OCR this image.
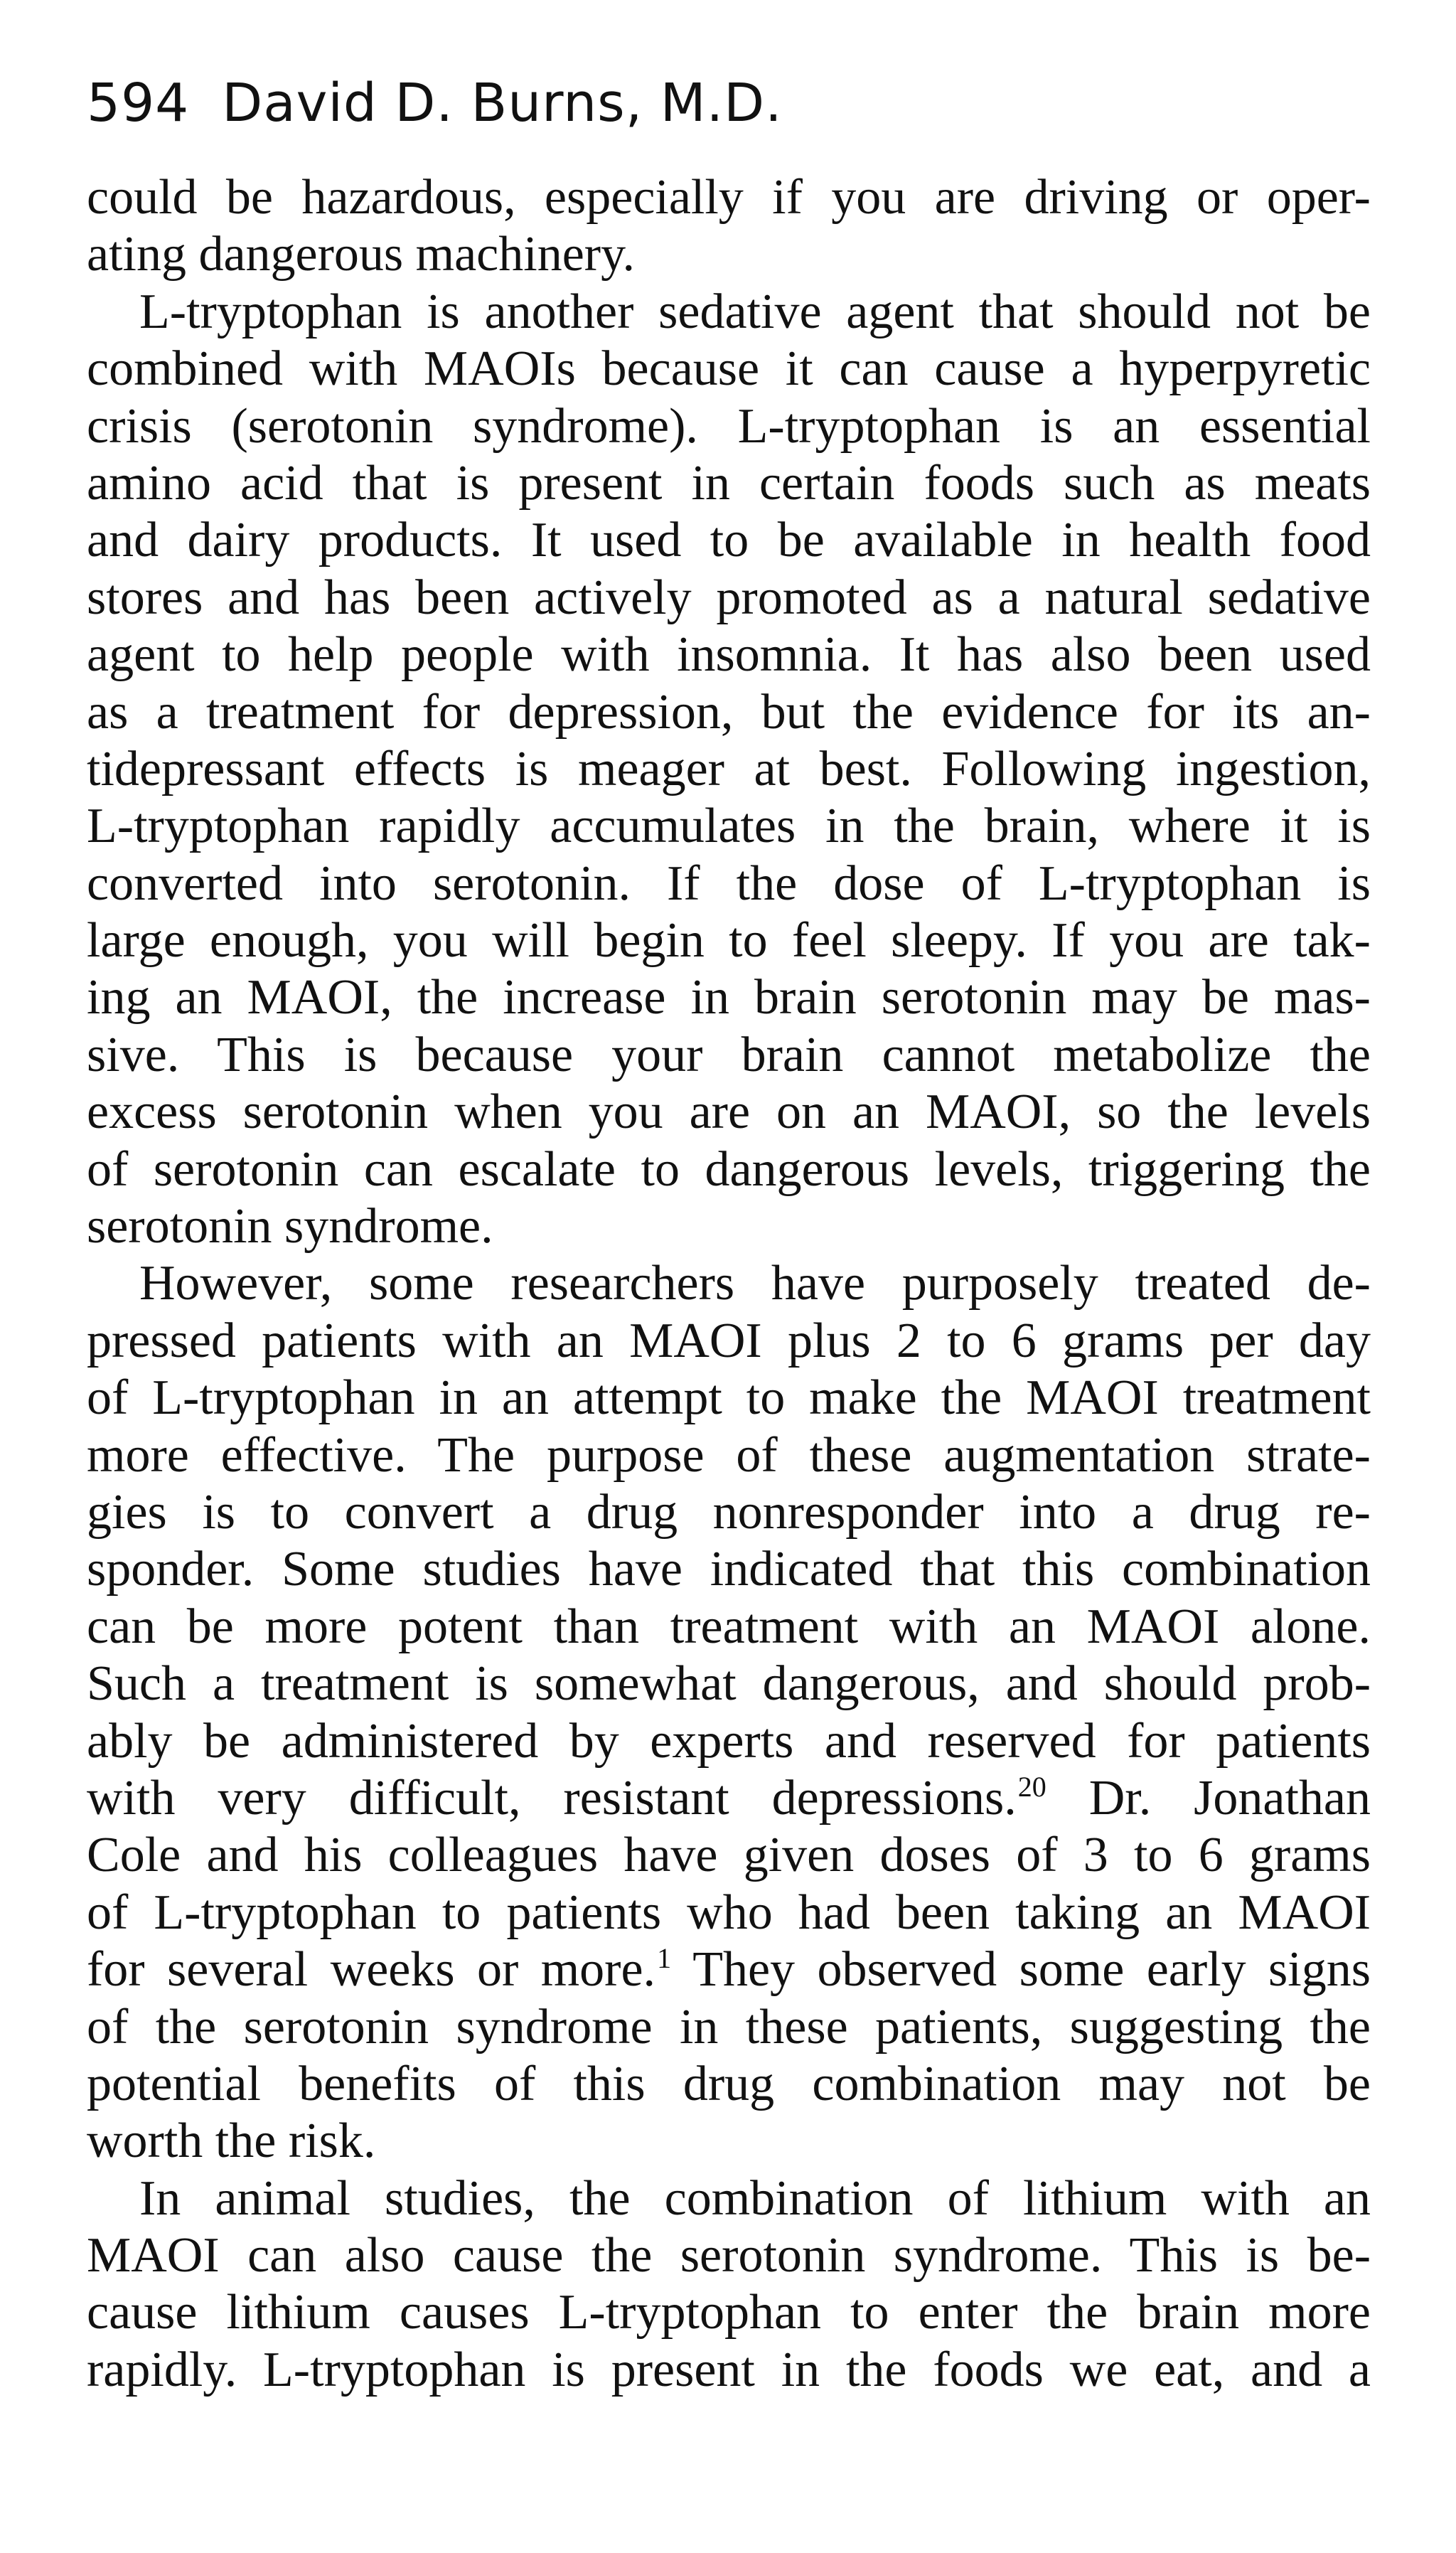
594 David D. Burns, M.D.
could be hazardous, especially if you are driving or oper-
ating dangerous machinery.
L-tryptophan is another sedative agent that should not be
combined with MAOIs because it can cause a hyperpyretic
crisis (serotonin syndrome). L-tryptophan is an essential
amino acid that is present in certain foods such as meats
and dairy products. It used to be available in health food
stores and has been actively promoted as a natural sedative
agent to help people with insomnia. It has also been used
as a treatment for depression, but the evidence for its an-
tidepressant effects is meager at best. Following ingestion,
L-tryptophan rapidly accumulates in the brain, where it is
converted into serotonin. If the dose of L-tryptophan is
large enough, you will begin to feel sleepy. If you are tak-
ing an MAOI, the increase in brain serotonin may be mas-
sive. This is because your brain cannot metabolize the
excess serotonin when you are on an MAOI, so the levels
of serotonin can escalate to dangerous levels, triggering the
serotonin syndrome.
However, some researchers have purposely treated de-
pressed patients with an MAOI plus 2 to 6 grams per day
of L-tryptophan in an attempt to make the MAOI treatment
more effective. The purpose of these augmentation strate-
gies is to convert a drug nonresponder into a drug re-
sponder. Some studies have indicated that this combination
can be more potent than treatment with an MAOI alone.
Such a treatment is somewhat dangerous, and should prob-
ably be administered by experts and reserved for patients
with very difficult, resistant depressions.20 Dr. Jonathan
Cole and his colleagues have given doses of 3 to 6 grams
of L-tryptophan to patients who had been taking an MAOI
for several weeks or more.1 They observed some early signs
of the serotonin syndrome in these patients, suggesting the
potential benefits of this drug combination may not be
worth the risk.
In animal studies, the combination of lithium with an
MAOI can also cause the serotonin syndrome. This is be-
cause lithium causes L-tryptophan to enter the brain more
rapidly. L-tryptophan is present in the foods we eat, and a
